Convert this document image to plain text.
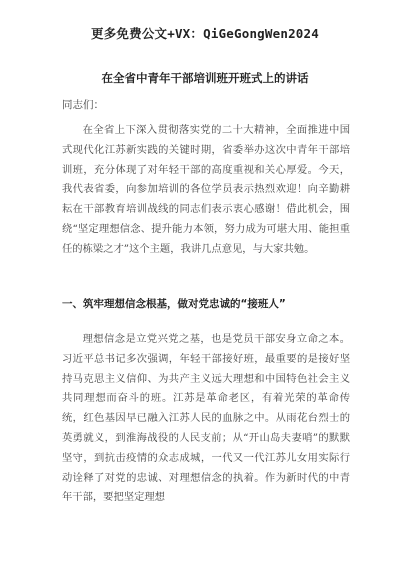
更多免费公文+VX：QiGeGongWen2024
在全省中青年干部培训班开班式上的讲话
同志们：

在全省上下深入贯彻落实党的二十大精神，全面推进中国式现代化江苏新实践的关键时期，省委举办这次中青年干部培训班，充分体现了对年轻干部的高度重视和关心厚爱。今天，我代表省委，向参加培训的各位学员表示热烈欢迎！向辛勤耕耘在干部教育培训战线的同志们表示衷心感谢！借此机会，围绕“坚定理想信念、提升能力本领，努力成为可堪大用、能担重任的栋梁之才”这个主题，我讲几点意见，与大家共勉。

一、筑牢理想信念根基，做对党忠诚的“接班人”

理想信念是立党兴党之基，也是党员干部安身立命之本。习近平总书记多次强调，年轻干部接好班，最重要的是接好坚持马克思主义信仰、为共产主义远大理想和中国特色社会主义共同理想而奋斗的班。江苏是革命老区，有着光荣的革命传统，红色基因早已融入江苏人民的血脉之中。从雨花台烈士的英勇就义，到淮海战役的人民支前；从“开山岛夫妻哨”的默默坚守，到抗击疫情的众志成城，一代又一代江苏儿女用实际行动诠释了对党的忠诚、对理想信念的执着。作为新时代的中青年干部，要把坚定理想
